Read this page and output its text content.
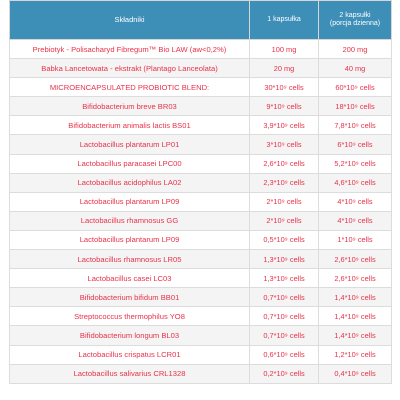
Składniki	1 kapsułka	2 kapsułki
(porcja dzienna)

Prebiotyk - Polisacharyd Fibregum™ Bio LAW (aw<0,2%)	100 mg	200 mg
Babka Lancetowata - ekstrakt (Plantago Lanceolata)	20 mg	40 mg
MICROENCAPSULATED PROBIOTIC BLEND:	30*10⁹ cells	60*10⁹ cells
Bifidobacterium breve BR03	9*10⁹ cells	18*10⁹ cells
Bifidobacterium animalis lactis BS01	3,9*10⁹ cells	7,8*10⁹ cells
Lactobacillus plantarum LP01	3*10⁹ cells	6*10⁹ cells
Lactobacillus paracasei LPC00	2,6*10⁹ cells	5,2*10⁹ cells
Lactobacillus acidophilus LA02	2,3*10⁹ cells	4,6*10⁹ cells
Lactobacillus plantarum LP09	2*10⁹ cells	4*10⁹ cells
Lactobacillus rhamnosus GG	2*10⁹ cells	4*10⁹ cells
Lactobacillus plantarum LP09	0,5*10⁹ cells	1*10⁹ cells
Lactobacillus rhamnosus LR05	1,3*10⁹ cells	2,6*10⁹ cells
Lactobacillus casei LC03	1,3*10⁹ cells	2,6*10⁹ cells
Bifidobacterium bifidum BB01	0,7*10⁹ cells	1,4*10⁹ cells
Streptococcus thermophilus YO8	0,7*10⁹ cells	1,4*10⁹ cells
Bifidobacterium longum BL03	0,7*10⁹ cells	1,4*10⁹ cells
Lactobacillus crispatus LCR01	0,6*10⁹ cells	1,2*10⁹ cells
Lactobacillus salivarius CRL1328	0,2*10⁹ cells	0,4*10⁹ cells
